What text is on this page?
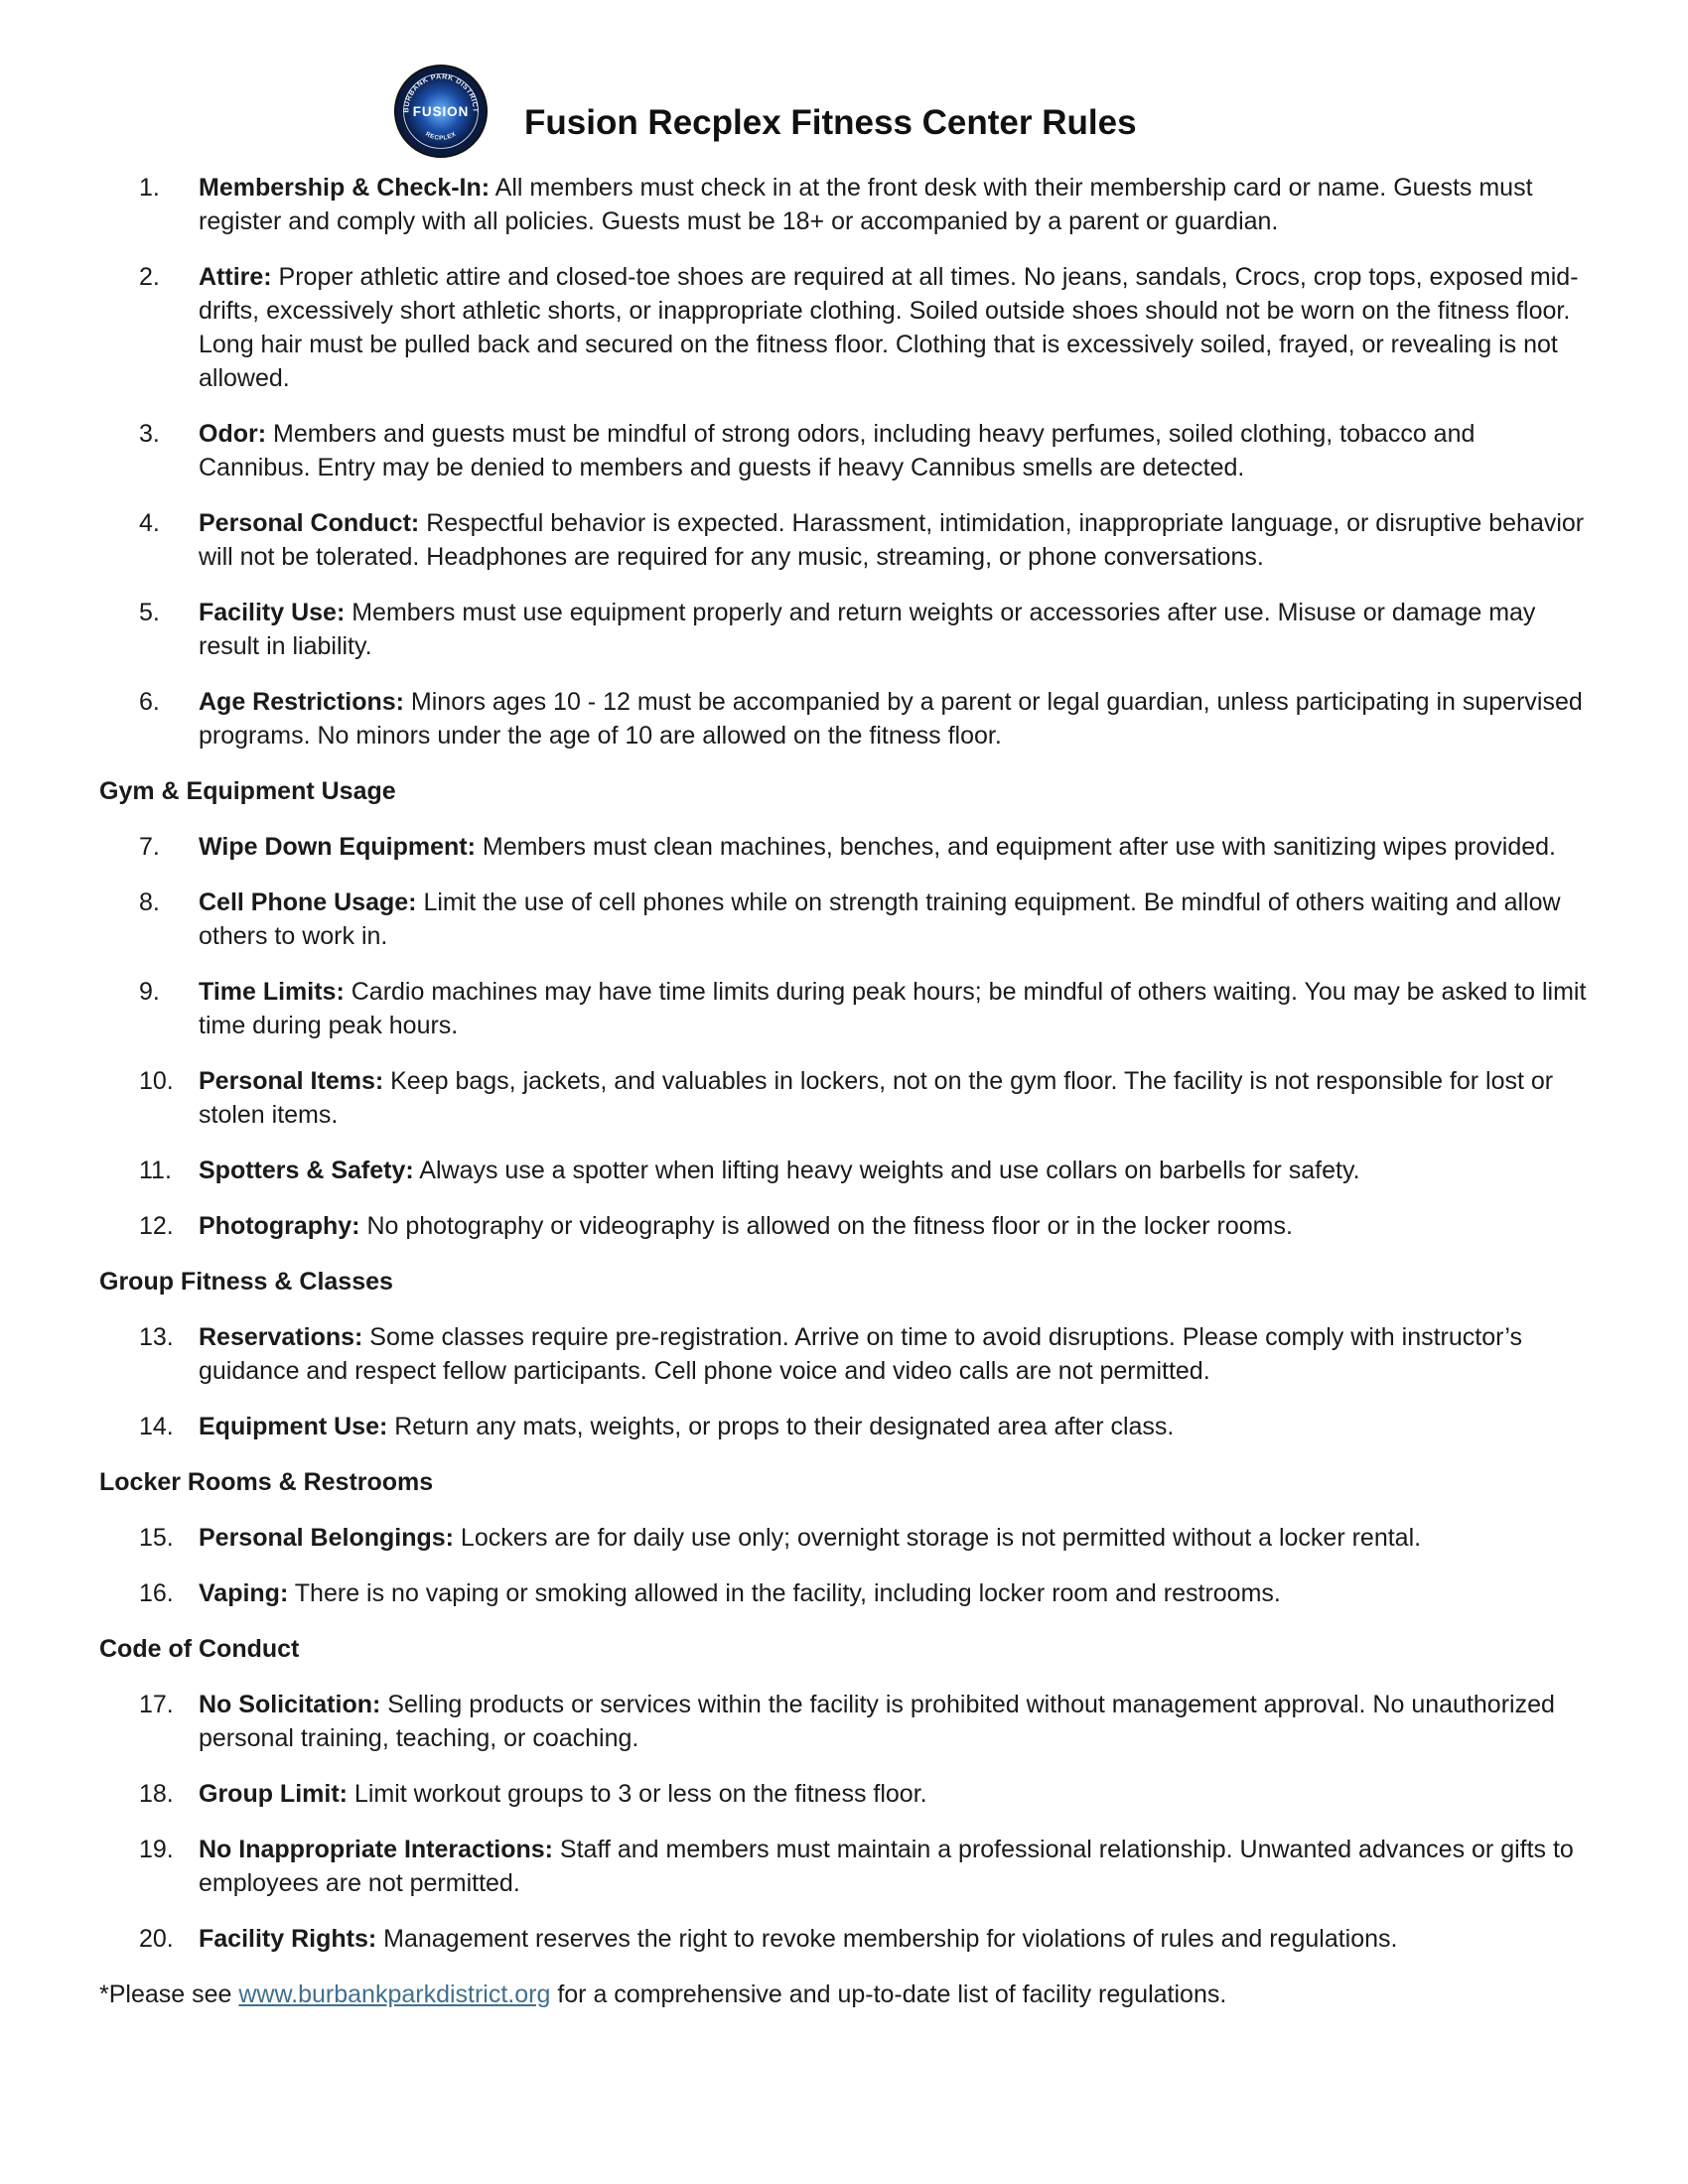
BURBANK PARK DISTRICT
FUSION
RECPLEX Fusion Recplex Fitness Center Rules
1.	Membership & Check-In: All members must check in at the front desk with their membership card or name. Guests must register and comply with all policies. Guests must be 18+ or accompanied by a parent or guardian.
2.	Attire: Proper athletic attire and closed-toe shoes are required at all times. No jeans, sandals, Crocs, crop tops, exposed mid-drifts, excessively short athletic shorts, or inappropriate clothing. Soiled outside shoes should not be worn on the fitness floor. Long hair must be pulled back and secured on the fitness floor. Clothing that is excessively soiled, frayed, or revealing is not allowed.
3.	Odor: Members and guests must be mindful of strong odors, including heavy perfumes, soiled clothing, tobacco and Cannibus. Entry may be denied to members and guests if heavy Cannibus smells are detected.
4.	Personal Conduct: Respectful behavior is expected. Harassment, intimidation, inappropriate language, or disruptive behavior will not be tolerated. Headphones are required for any music, streaming, or phone conversations.
5.	Facility Use: Members must use equipment properly and return weights or accessories after use. Misuse or damage may result in liability.
6.	Age Restrictions: Minors ages 10 - 12 must be accompanied by a parent or legal guardian, unless participating in supervised programs. No minors under the age of 10 are allowed on the fitness floor.
Gym & Equipment Usage
7.	Wipe Down Equipment: Members must clean machines, benches, and equipment after use with sanitizing wipes provided.
8.	Cell Phone Usage: Limit the use of cell phones while on strength training equipment. Be mindful of others waiting and allow others to work in.
9.	Time Limits: Cardio machines may have time limits during peak hours; be mindful of others waiting. You may be asked to limit time during peak hours.
10.	Personal Items: Keep bags, jackets, and valuables in lockers, not on the gym floor. The facility is not responsible for lost or stolen items.
11.	Spotters & Safety: Always use a spotter when lifting heavy weights and use collars on barbells for safety.
12.	Photography: No photography or videography is allowed on the fitness floor or in the locker rooms.
Group Fitness & Classes
13.	Reservations: Some classes require pre-registration. Arrive on time to avoid disruptions. Please comply with instructor’s guidance and respect fellow participants. Cell phone voice and video calls are not permitted.
14.	Equipment Use: Return any mats, weights, or props to their designated area after class.
Locker Rooms & Restrooms
15.	Personal Belongings: Lockers are for daily use only; overnight storage is not permitted without a locker rental.
16.	Vaping: There is no vaping or smoking allowed in the facility, including locker room and restrooms.
Code of Conduct
17.	No Solicitation: Selling products or services within the facility is prohibited without management approval. No unauthorized personal training, teaching, or coaching.
18.	Group Limit: Limit workout groups to 3 or less on the fitness floor.
19.	No Inappropriate Interactions: Staff and members must maintain a professional relationship. Unwanted advances or gifts to employees are not permitted.
20.	Facility Rights: Management reserves the right to revoke membership for violations of rules and regulations.
*Please see www.burbankparkdistrict.org for a comprehensive and up-to-date list of facility regulations.
